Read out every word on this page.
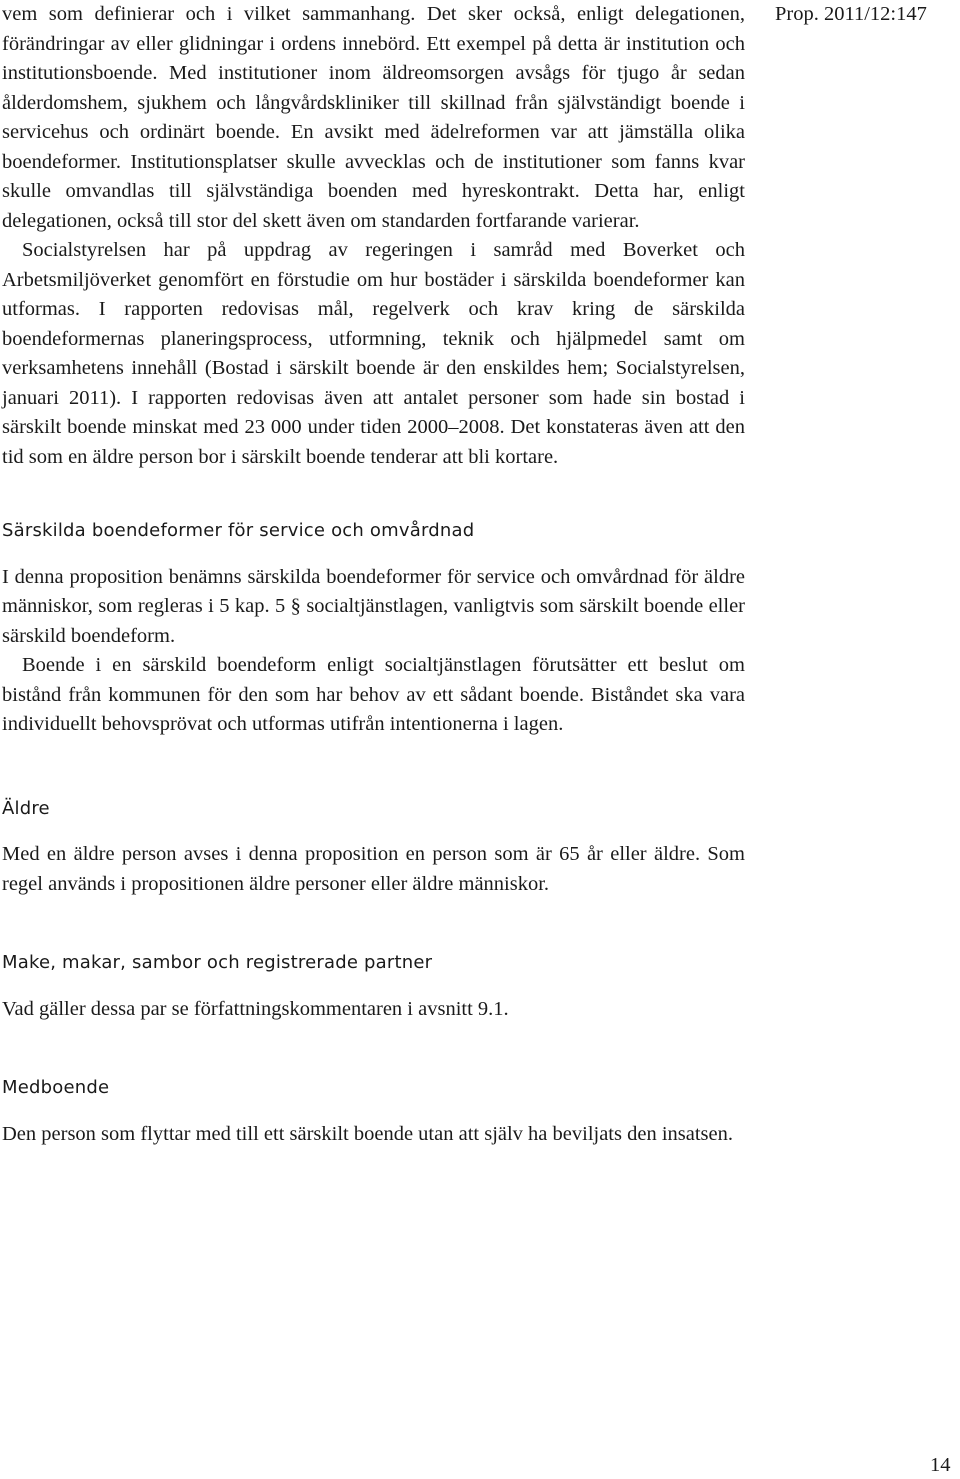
Prop. 2011/12:147

vem som definierar och i vilket sammanhang. Det sker också, enligt delegationen, förändringar av eller glidningar i ordens innebörd. Ett exempel på detta är institution och institutionsboende. Med institutioner inom äldreomsorgen avsågs för tjugo år sedan ålderdomshem, sjukhem och långvårdskliniker till skillnad från självständigt boende i servicehus och ordinärt boende. En avsikt med ädelreformen var att jämställa olika boendeformer. Institutionsplatser skulle avvecklas och de institutioner som fanns kvar skulle omvandlas till självständiga boenden med hyreskontrakt. Detta har, enligt delegationen, också till stor del skett även om standarden fortfarande varierar.

Socialstyrelsen har på uppdrag av regeringen i samråd med Boverket och Arbetsmiljöverket genomfört en förstudie om hur bostäder i särskilda boendeformer kan utformas. I rapporten redovisas mål, regelverk och krav kring de särskilda boendeformernas planeringsprocess, utformning, teknik och hjälpmedel samt om verksamhetens innehåll (Bostad i särskilt boende är den enskildes hem; Socialstyrelsen, januari 2011). I rapporten redovisas även att antalet personer som hade sin bostad i särskilt boende minskat med 23 000 under tiden 2000–2008. Det konstateras även att den tid som en äldre person bor i särskilt boende tenderar att bli kortare.

Särskilda boendeformer för service och omvårdnad

I denna proposition benämns särskilda boendeformer för service och omvårdnad för äldre människor, som regleras i 5 kap. 5 § socialtjänstlagen, vanligtvis som särskilt boende eller särskild boendeform.

Boende i en särskild boendeform enligt socialtjänstlagen förutsätter ett beslut om bistånd från kommunen för den som har behov av ett sådant boende. Biståndet ska vara individuellt behovsprövat och utformas utifrån intentionerna i lagen.

Äldre

Med en äldre person avses i denna proposition en person som är 65 år eller äldre. Som regel används i propositionen äldre personer eller äldre människor.

Make, makar, sambor och registrerade partner

Vad gäller dessa par se författningskommentaren i avsnitt 9.1.

Medboende

Den person som flyttar med till ett särskilt boende utan att själv ha beviljats den insatsen.

14
